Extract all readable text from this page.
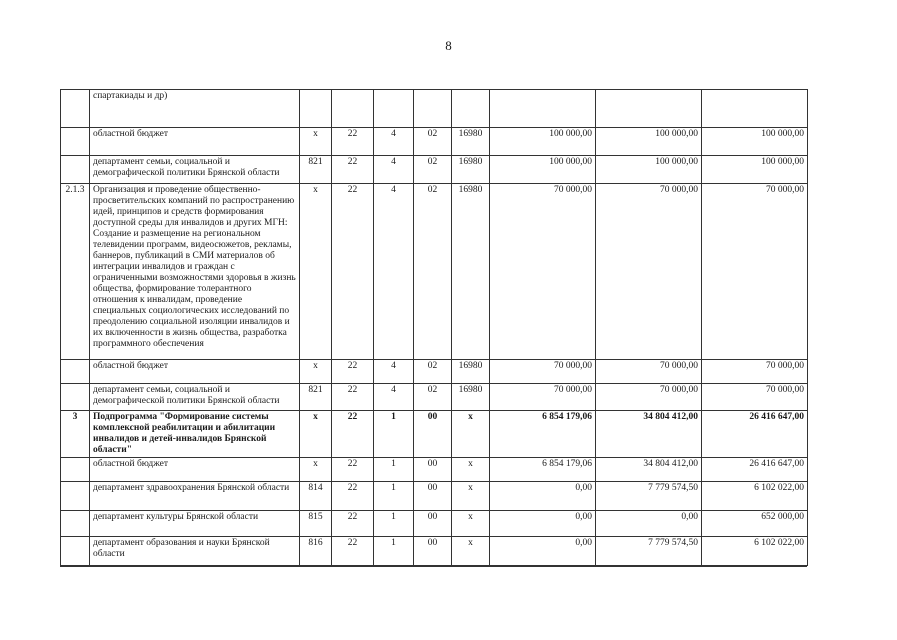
8
	спартакиады и др)								
	областной бюджет	x	22	4	02	16980	100 000,00	100 000,00	100 000,00
	департамент семьи, социальной и демографической политики Брянской области	821	22	4	02	16980	100 000,00	100 000,00	100 000,00
2.1.3	Организация и проведение общественно-просветительских компаний по распространению идей, принципов и средств формирования доступной среды для инвалидов и других МГН: Создание и размещение на региональном телевидении программ, видеосюжетов, рекламы, баннеров, публикаций в СМИ материалов об интеграции инвалидов и граждан с ограниченными возможностями здоровья в жизнь общества, формирование толерантного отношения к инвалидам, проведение специальных социологических исследований по преодолению социальной изоляции инвалидов и их включенности в жизнь общества, разработка программного обеспечения	x	22	4	02	16980	70 000,00	70 000,00	70 000,00
	областной бюджет	x	22	4	02	16980	70 000,00	70 000,00	70 000,00
	департамент семьи, социальной и демографической политики Брянской области	821	22	4	02	16980	70 000,00	70 000,00	70 000,00
3	Подпрограмма "Формирование системы комплексной реабилитации и абилитации инвалидов и детей-инвалидов Брянской области"	x	22	1	00	x	6 854 179,06	34 804 412,00	26 416 647,00
	областной бюджет	x	22	1	00	x	6 854 179,06	34 804 412,00	26 416 647,00
	департамент здравоохранения Брянской области	814	22	1	00	x	0,00	7 779 574,50	6 102 022,00
	департамент культуры Брянской области	815	22	1	00	x	0,00	0,00	652 000,00
	департамент образования и науки Брянской области	816	22	1	00	x	0,00	7 779 574,50	6 102 022,00
